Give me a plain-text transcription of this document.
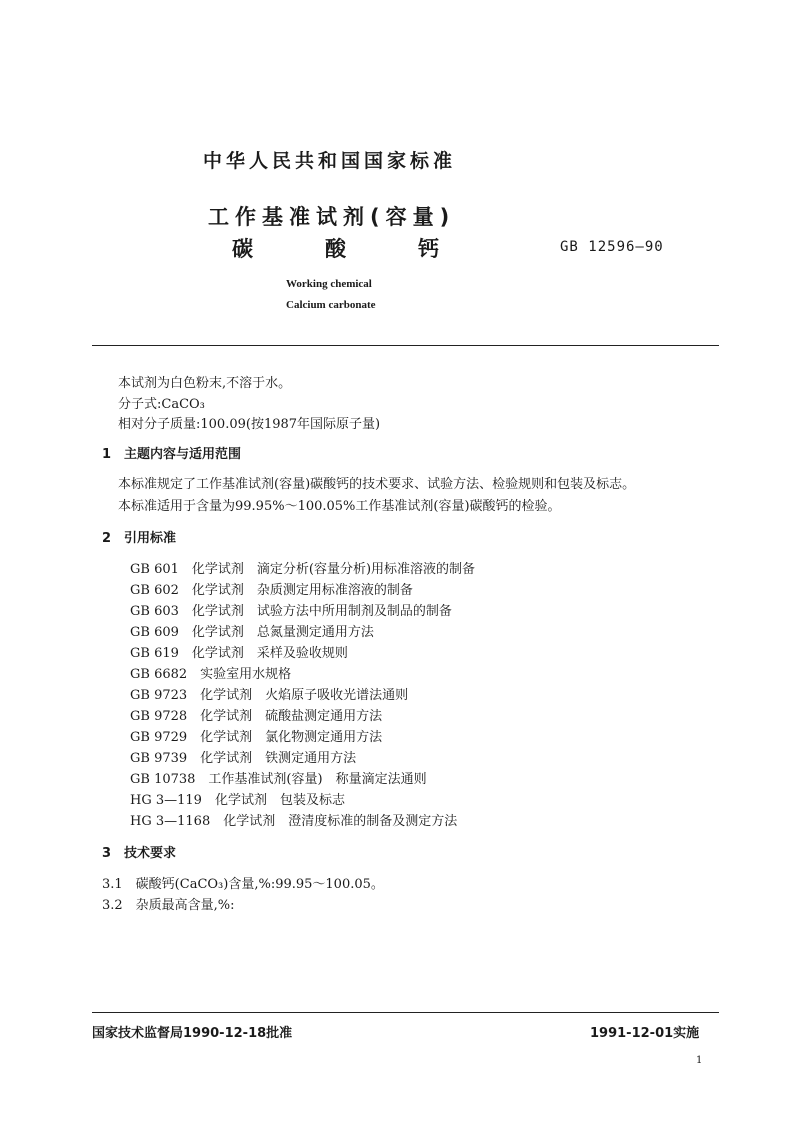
中华人民共和国国家标准
工作基准试剂(容量)
碳酸钙	GB 12596—90
Working chemical
Calcium carbonate
本试剂为白色粉末,不溶于水。
分子式:CaCO₃
相对分子质量:100.09(按1987年国际原子量)
1　主题内容与适用范围
本标准规定了工作基准试剂(容量)碳酸钙的技术要求、试验方法、检验规则和包装及标志。
本标准适用于含量为99.95%～100.05%工作基准试剂(容量)碳酸钙的检验。
2　引用标准
GB 601　化学试剂　滴定分析(容量分析)用标准溶液的制备
GB 602　化学试剂　杂质测定用标准溶液的制备
GB 603　化学试剂　试验方法中所用制剂及制品的制备
GB 609　化学试剂　总氮量测定通用方法
GB 619　化学试剂　采样及验收规则
GB 6682　实验室用水规格
GB 9723　化学试剂　火焰原子吸收光谱法通则
GB 9728　化学试剂　硫酸盐测定通用方法
GB 9729　化学试剂　氯化物测定通用方法
GB 9739　化学试剂　铁测定通用方法
GB 10738　工作基准试剂(容量)　称量滴定法通则
HG 3—119　化学试剂　包装及标志
HG 3—1168　化学试剂　澄清度标准的制备及测定方法
3　技术要求
3.1　碳酸钙(CaCO₃)含量,%:99.95～100.05。
3.2　杂质最高含量,%:
国家技术监督局1990-12-18批准	1991-12-01实施
1
